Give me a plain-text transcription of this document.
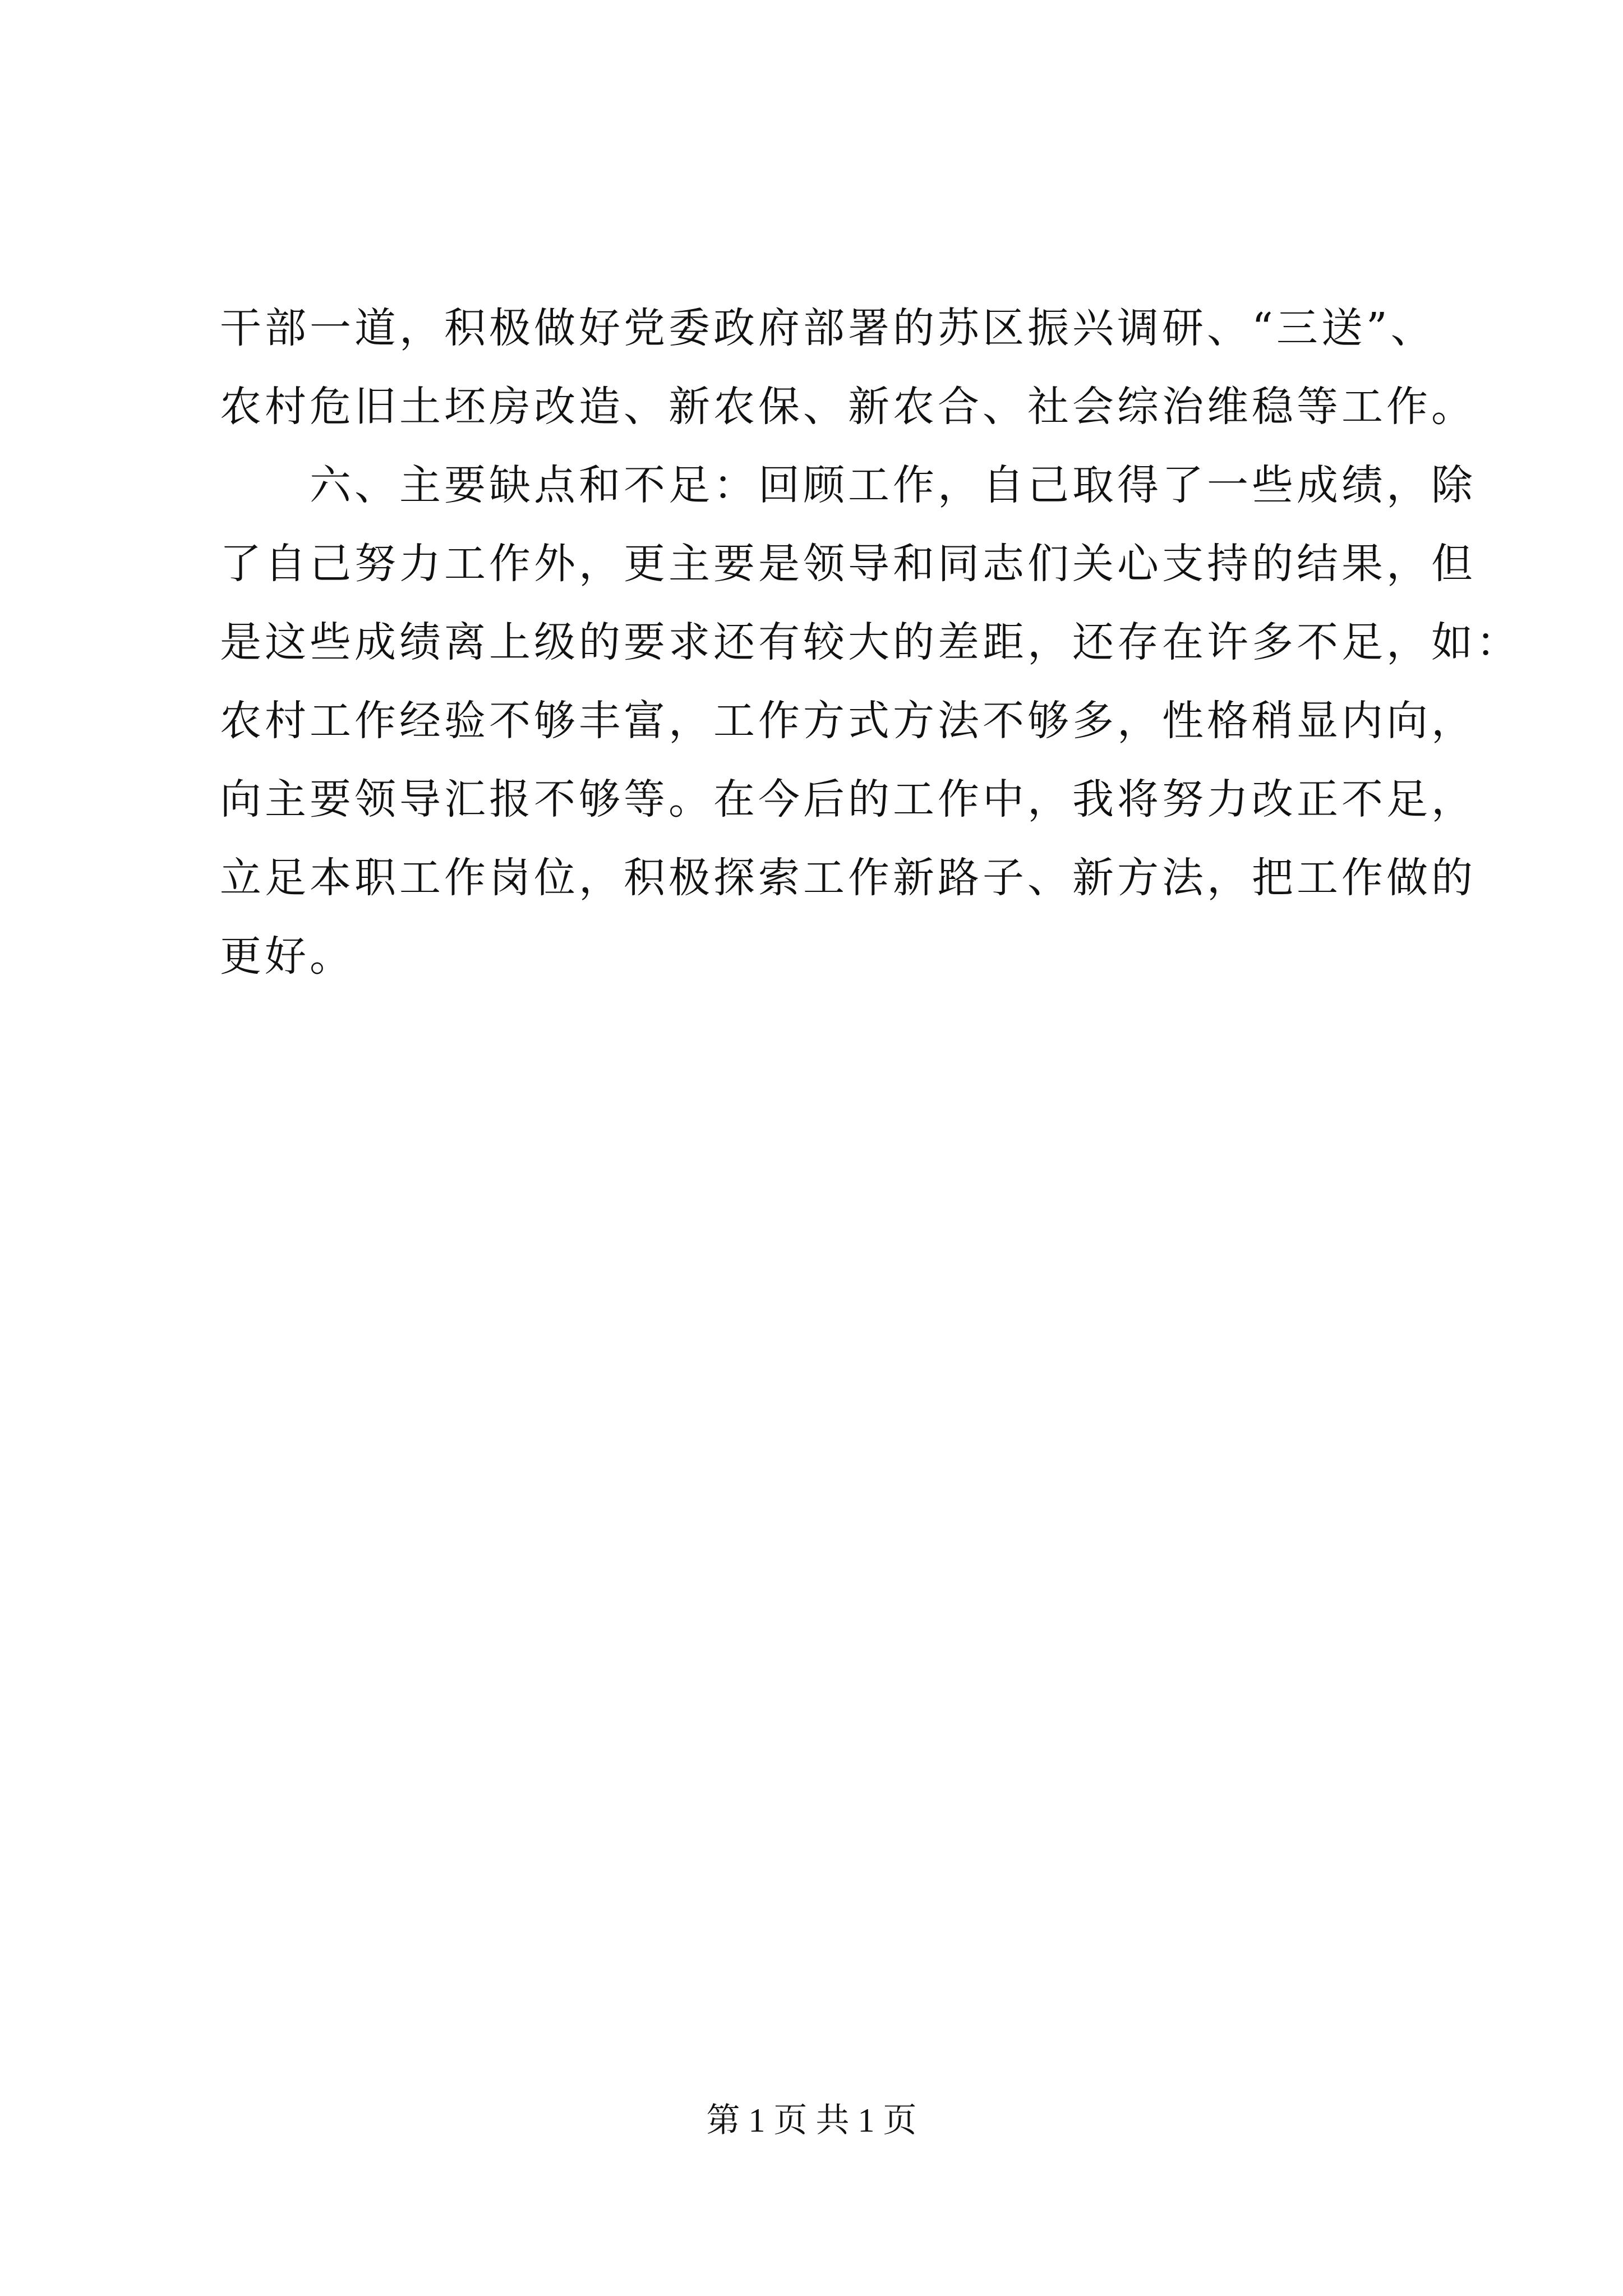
干部一道，积极做好党委政府部署的苏区振兴调研、“三送”、
农村危旧土坯房改造、新农保、新农合、社会综治维稳等工作。
六、主要缺点和不足：回顾工作，自己取得了一些成绩，除
了自己努力工作外，更主要是领导和同志们关心支持的结果，但
是这些成绩离上级的要求还有较大的差距，还存在许多不足，如：
农村工作经验不够丰富，工作方式方法不够多，性格稍显内向，
向主要领导汇报不够等。在今后的工作中，我将努力改正不足，
立足本职工作岗位，积极探索工作新路子、新方法，把工作做的
更好。
第 1 页 共 1 页
